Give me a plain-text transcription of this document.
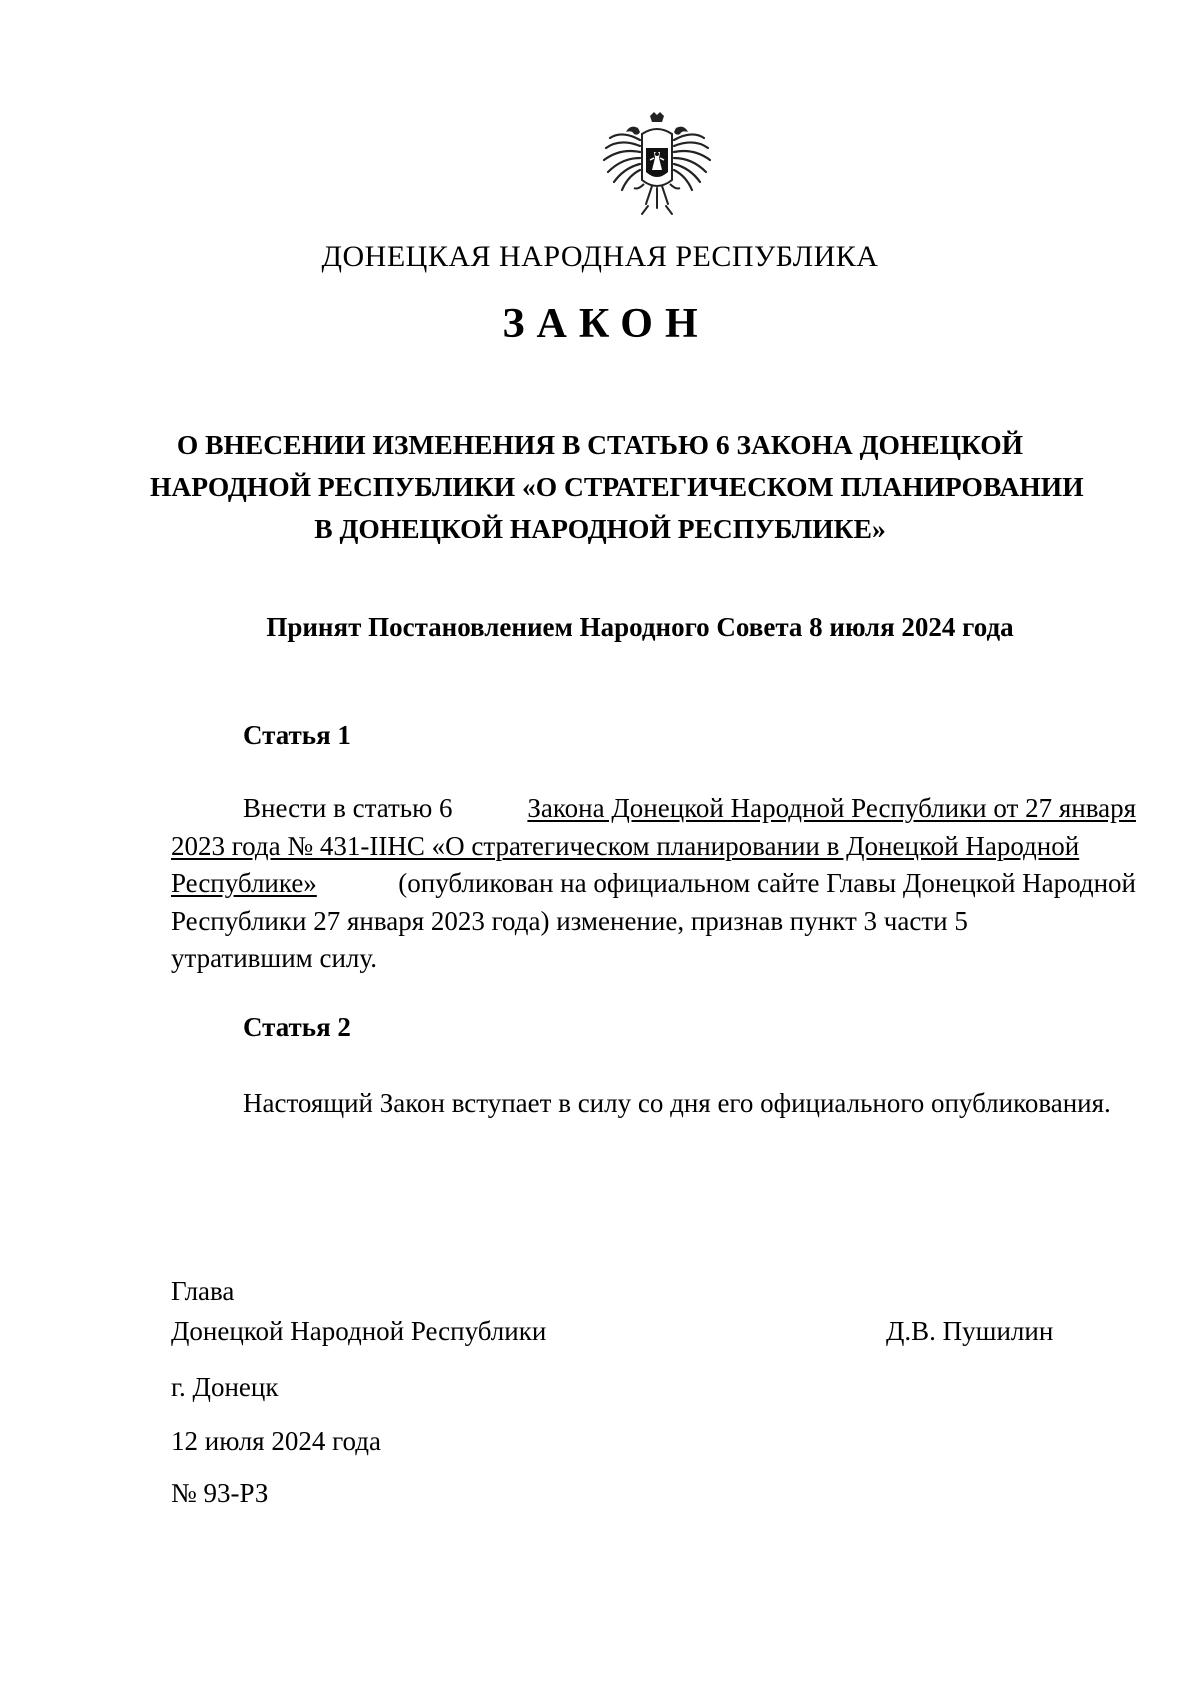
ДОНЕЦКАЯ НАРОДНАЯ РЕСПУБЛИКА
ЗАКОН
О ВНЕСЕНИИ ИЗМЕНЕНИЯ В СТАТЬЮ 6 ЗАКОНА ДОНЕЦКОЙ
НАРОДНОЙ РЕСПУБЛИКИ «О СТРАТЕГИЧЕСКОМ ПЛАНИРОВАНИИ
В ДОНЕЦКОЙ НАРОДНОЙ РЕСПУБЛИКЕ»
Принят Постановлением Народного Совета 8 июля 2024 года
Статья 1
Внести в статью 6	Закона Донецкой Народной Республики от 27 января
2023 года № 431-IIНС «О стратегическом планировании в Донецкой Народной
Республике»	(опубликован на официальном сайте Главы Донецкой Народной
Республики 27 января 2023 года) изменение, признав пункт 3 части 5
утратившим силу.
Статья 2
Настоящий Закон вступает в силу со дня его официального опубликования.
Глава
Донецкой Народной Республики	Д.В. Пушилин
г. Донецк
12 июля 2024 года
№ 93-РЗ
